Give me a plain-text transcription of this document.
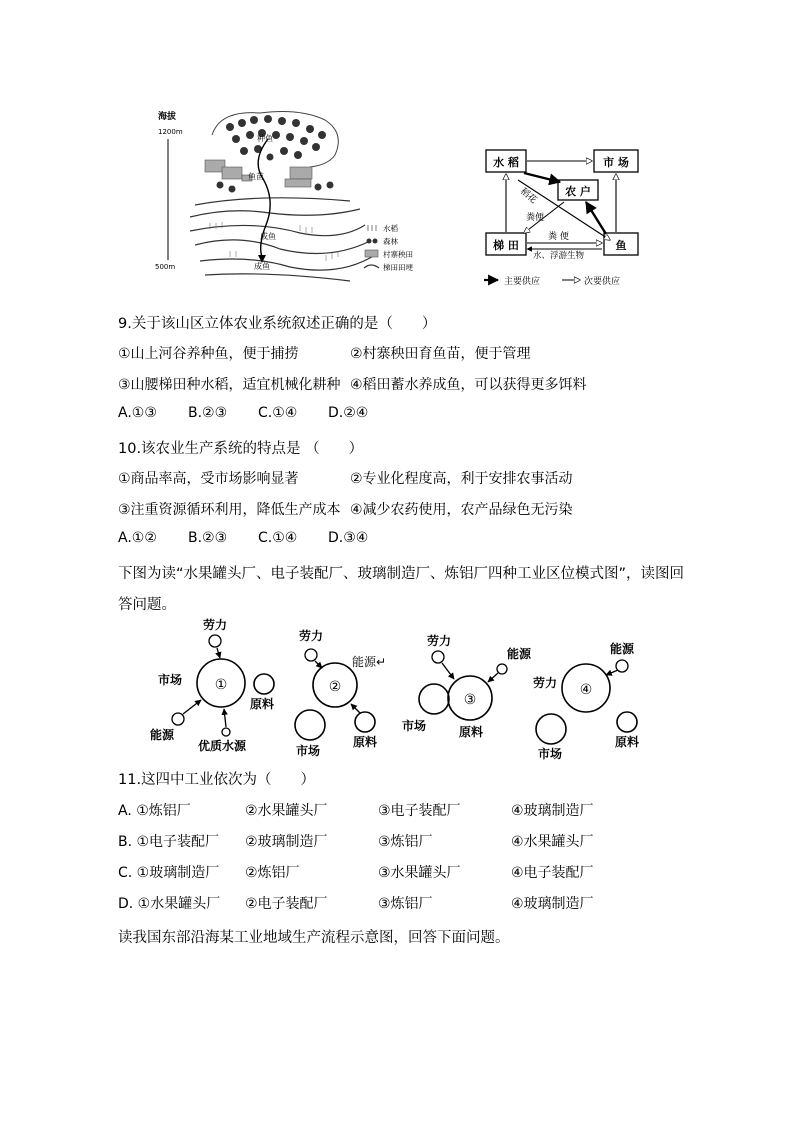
海拔
1200m
500m
种鱼
鱼苗
成鱼
成鱼
水稻
森林
村寨秧田
梯田田埂
水 稻	市 场
农 户
梯 田	鱼
稻花
粪便
粪 便
水、浮游生物
主要供应	次要供应
9.关于该山区立体农业系统叙述正确的是（　　）
①山上河谷养种鱼，便于捕捞	②村寨秧田育鱼苗，便于管理
③山腰梯田种水稻，适宜机械化耕种 ④稻田蓄水养成鱼，可以获得更多饵料
A.①③ B.②③ C.①④ D.②④
10.该农业生产系统的特点是 （　　）
①商品率高，受市场影响显著	②专业化程度高，利于安排农事活动
③注重资源循环利用，降低生产成本 ④减少农药使用，农产品绿色无污染
A.①② B.②③ C.①④ D.③④
下图为读“水果罐头厂、电子装配厂、玻璃制造厂、炼铝厂四种工业区位模式图”，读图回
答问题。
①
劳力
市场
原料
能源
优质水源
②
劳力
能源↵
市场
原料
③
劳力
能源
市场	原料
④
能源
劳力
市场
原料
11.这四中工业依次为（　　）
A. ①炼铝厂	②水果罐头厂	③电子装配厂	④玻璃制造厂
B. ①电子装配厂 ②玻璃制造厂	③炼铝厂	④水果罐头厂
C. ①玻璃制造厂 ②炼铝厂	③水果罐头厂	④电子装配厂
D. ①水果罐头厂 ②电子装配厂	③炼铝厂	④玻璃制造厂
读我国东部沿海某工业地域生产流程示意图，回答下面问题。
